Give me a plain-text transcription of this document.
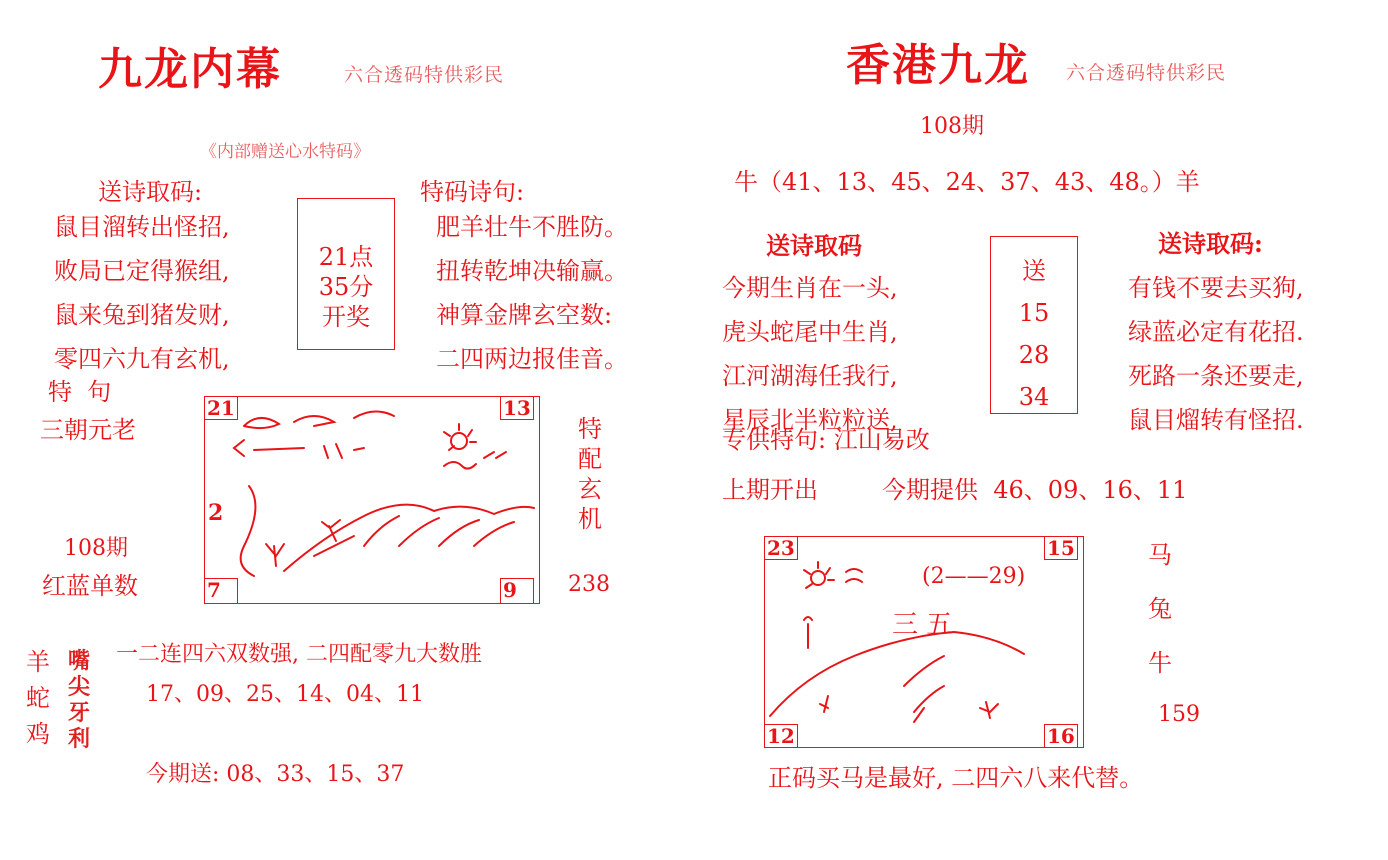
九龙内幕	六合透码特供彩民
《内部赠送心水特码》
送诗取码:
鼠目溜转出怪招,
败局已定得猴组,
鼠来兔到猪发财,
零四六九有玄机,
21点
35分
开奖
特码诗句:
肥羊壮牛不胜防。
扭转乾坤决输赢。
神算金牌玄空数:
二四两边报佳音。
特  句
三朝元老
108期
红蓝单数
21	13
7	9
2
特
配
玄
机
238
羊
蛇
鸡
嘴
尖
牙
利
一二连四六双数强, 二四配零九大数胜
17、09、25、14、04、11
今期送: 08、33、15、37
香港九龙 六合透码特供彩民
108期
牛（41、13、45、24、37、43、48。）羊
送诗取码
今期生肖在一头,
虎头蛇尾中生肖,
江河湖海任我行,
星辰北半粒粒送,
专供特句: 江山易改
送
15
28
34
送诗取码:
有钱不要去买狗,
绿蓝必定有花招.
死路一条还要走,
鼠目熘转有怪招.
上期开出	今期提供  46、09、16、11
23	15
12	16
(2——29)
三 五
马
兔
牛
159
正码买马是最好, 二四六八来代替。
